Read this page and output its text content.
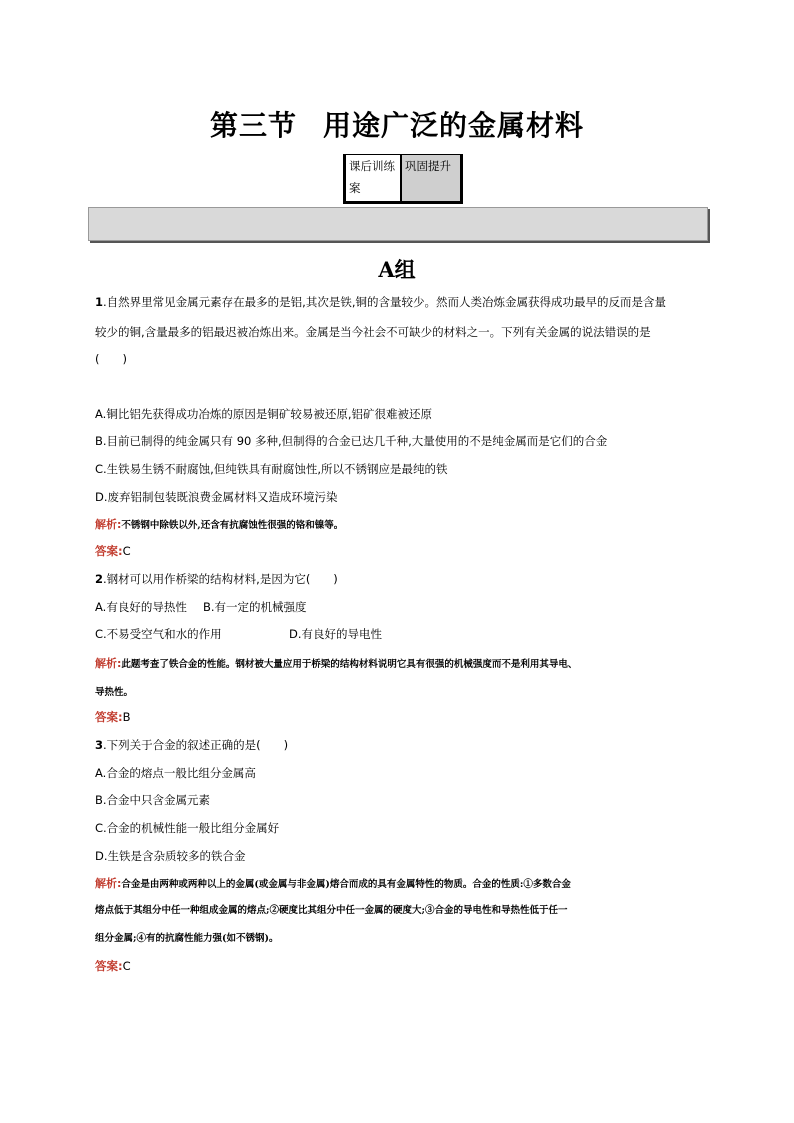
第三节 用途广泛的金属材料
课后训练案
巩固提升
A组
1.自然界里常见金属元素存在最多的是铝,其次是铁,铜的含量较少。然而人类冶炼金属获得成功最早的反而是含量
较少的铜,含量最多的铝最迟被冶炼出来。金属是当今社会不可缺少的材料之一。下列有关金属的说法错误的是
(　　)
A.铜比铝先获得成功冶炼的原因是铜矿较易被还原,铝矿很难被还原
B.目前已制得的纯金属只有 90 多种,但制得的合金已达几千种,大量使用的不是纯金属而是它们的合金
C.生铁易生锈不耐腐蚀,但纯铁具有耐腐蚀性,所以不锈钢应是最纯的铁
D.废弃铝制包装既浪费金属材料又造成环境污染
解析:不锈钢中除铁以外,还含有抗腐蚀性很强的铬和镍等。
答案:C
2.钢材可以用作桥梁的结构材料,是因为它(　　)
A.有良好的导热性 B.有一定的机械强度
C.不易受空气和水的作用	D.有良好的导电性
解析:此题考查了铁合金的性能。钢材被大量应用于桥梁的结构材料说明它具有很强的机械强度而不是利用其导电、
导热性。
答案:B
3.下列关于合金的叙述正确的是(　　)
A.合金的熔点一般比组分金属高
B.合金中只含金属元素
C.合金的机械性能一般比组分金属好
D.生铁是含杂质较多的铁合金
解析:合金是由两种或两种以上的金属(或金属与非金属)熔合而成的具有金属特性的物质。合金的性质:①多数合金
熔点低于其组分中任一种组成金属的熔点;②硬度比其组分中任一金属的硬度大;③合金的导电性和导热性低于任一
组分金属;④有的抗腐性能力强(如不锈钢)。
答案:C
